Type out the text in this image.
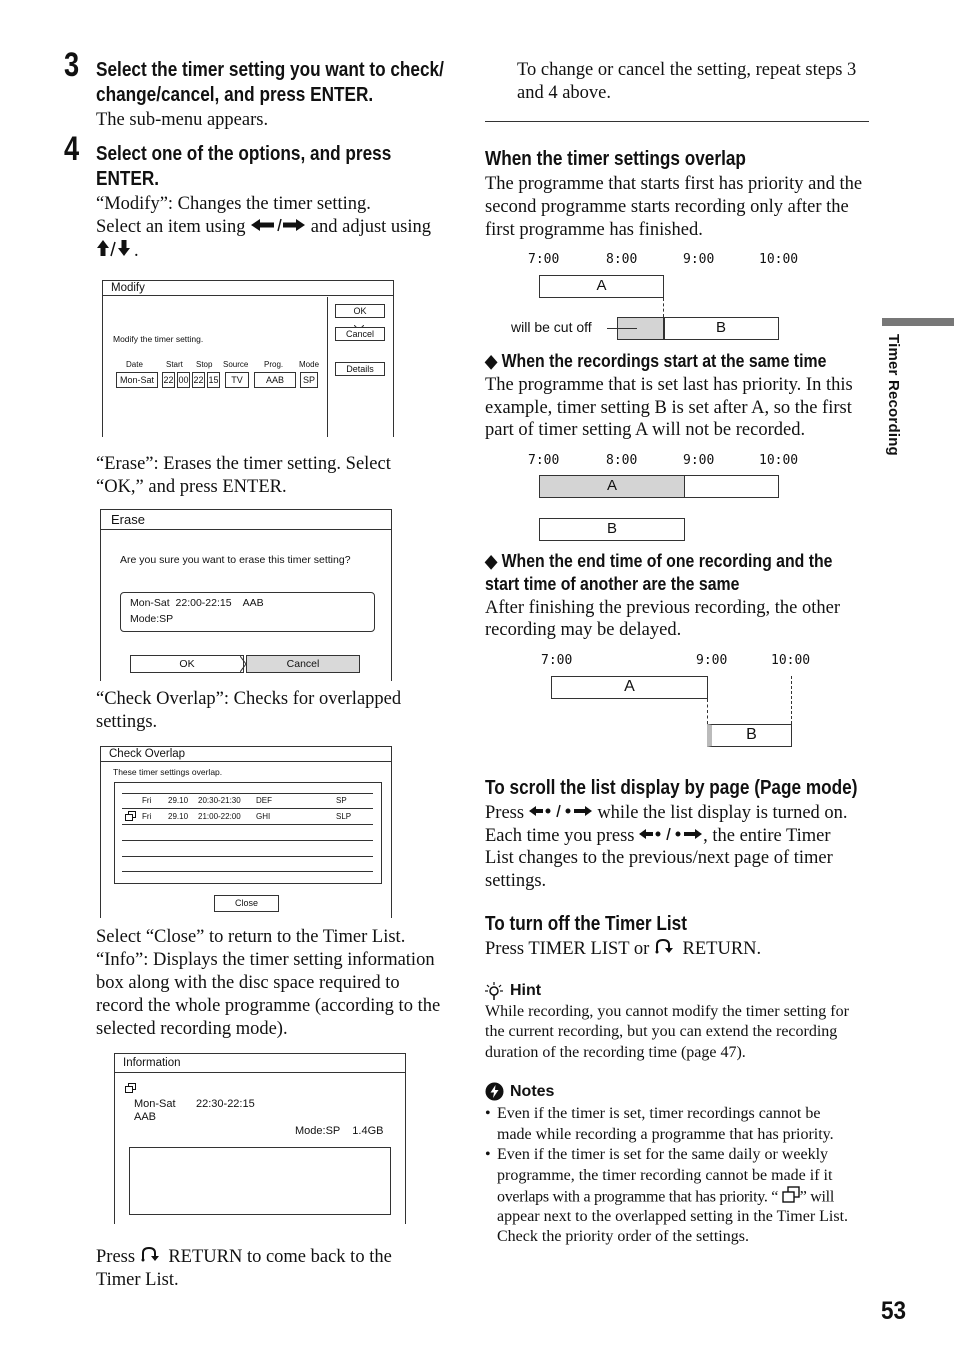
3 Select the timer setting you want to check/
change/cancel, and press ENTER.
The sub-menu appears.
4 Select one of the options, and press
ENTER.
“Modify”: Changes the timer setting.
Select an item using	and adjust using
.
Modify
Modify the timer setting.
Date	Start Stop Source Prog. Mode
Mon-Sat	22 00 22 15	TV	AAB	SP
OK
Cancel
Details
“Erase”: Erases the timer setting. Select
“OK,” and press ENTER.
Erase
Are you sure you want to erase this timer setting?
Mon-Sat  22:00-22:15    AAB
Mode:SP
OK	Cancel
“Check Overlap”: Checks for overlapped
settings.
Check Overlap
These timer settings overlap.
Fri 29.10 20:30-21:30 DEF	SP
Fri 29.10 21:00-22:00 GHI	SLP
Close
Select “Close” to return to the Timer List.
“Info”: Displays the timer setting information
box along with the disc space required to
record the whole programme (according to the
selected recording mode).
Information
Mon-Sat 22:30-22:15
AAB
Mode:SP    1.4GB
Press RETURN to come back to the
Timer List.
To change or cancel the setting, repeat steps 3
and 4 above.
When the timer settings overlap
The programme that starts first has priority and the
second programme starts recording only after the
first programme has finished.
7:00	8:00	9:00	10:00
A
B
will be cut off
◆ When the recordings start at the same time
The programme that is set last has priority. In this
example, timer setting B is set after A, so the first
part of timer setting A will not be recorded.
7:00	8:00	9:00	10:00
A
B
◆ When the end time of one recording and the
start time of another are the same
After finishing the previous recording, the other
recording may be delayed.
7:00	9:00	10:00
A
B
To scroll the list display by page (Page mode)
Press	while the list display is turned on.
Each time you press	, the entire Timer
List changes to the previous/next page of timer
settings.
To turn off the Timer List
Press TIMER LIST or RETURN.
Hint
While recording, you cannot modify the timer setting for
the current recording, but you can extend the recording
duration of the recording time (page 47).
Notes
• Even if the timer is set, timer recordings cannot be
made while recording a programme that has priority.
• Even if the timer is set for the same daily or weekly
programme, the timer recording cannot be made if it
overlaps with a programme that has priority. “ ” will
appear next to the overlapped setting in the Timer List.
Check the priority order of the settings.
Timer Recording
53
